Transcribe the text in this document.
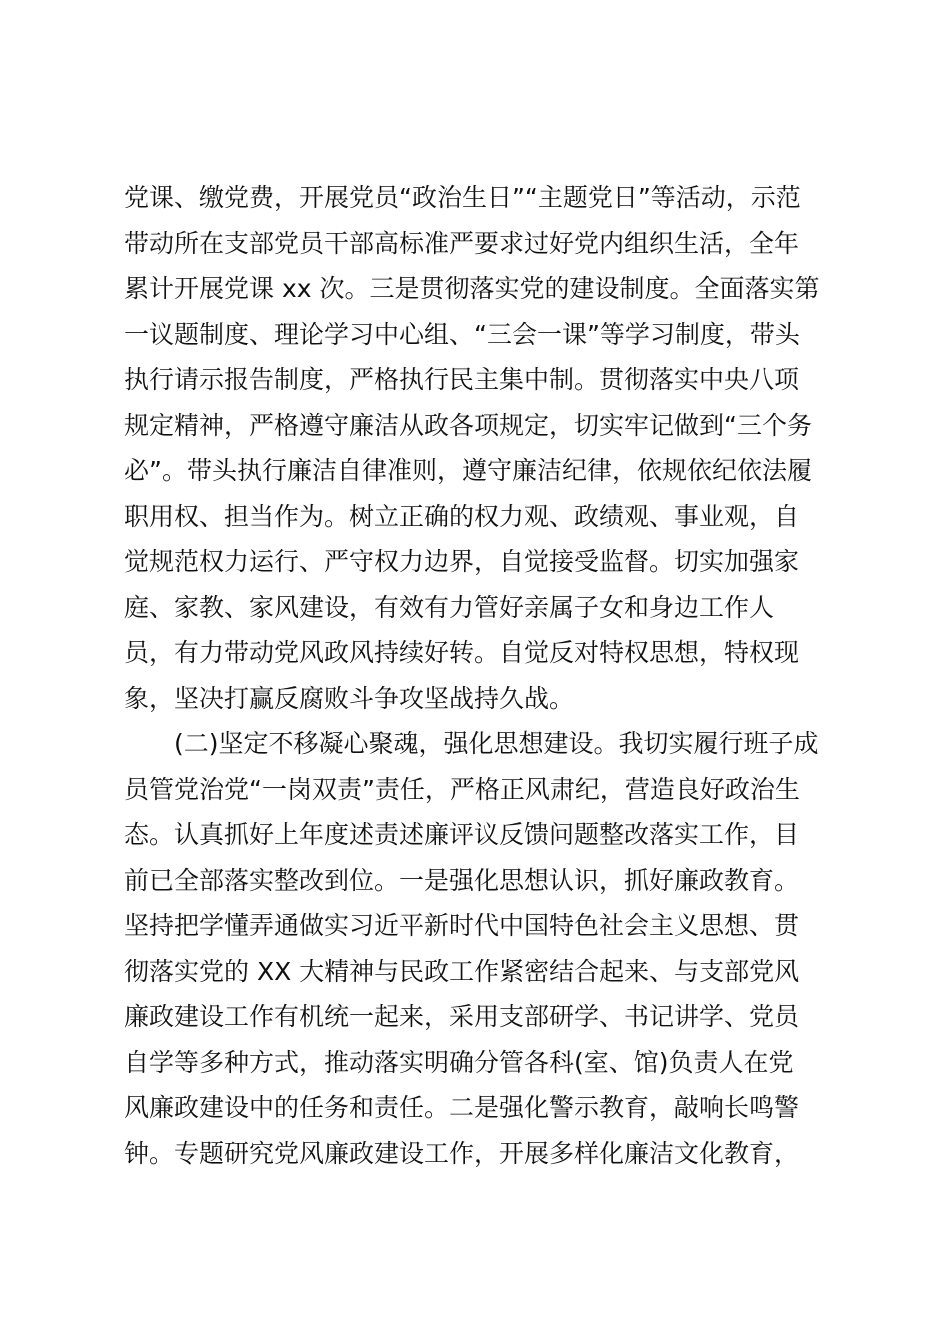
党课、缴党费，开展党员“政治生日”“主题党日”等活动，示范
带动所在支部党员干部高标准严要求过好党内组织生活，全年
累计开展党课 xx 次。三是贯彻落实党的建设制度。全面落实第
一议题制度、理论学习中心组、“三会一课”等学习制度，带头
执行请示报告制度，严格执行民主集中制。贯彻落实中央八项
规定精神，严格遵守廉洁从政各项规定，切实牢记做到“三个务
必”。带头执行廉洁自律准则，遵守廉洁纪律，依规依纪依法履
职用权、担当作为。树立正确的权力观、政绩观、事业观，自
觉规范权力运行、严守权力边界，自觉接受监督。切实加强家
庭、家教、家风建设，有效有力管好亲属子女和身边工作人
员，有力带动党风政风持续好转。自觉反对特权思想，特权现
象，坚决打赢反腐败斗争攻坚战持久战。
(二)坚定不移凝心聚魂，强化思想建设。我切实履行班子成
员管党治党“一岗双责”责任，严格正风肃纪，营造良好政治生
态。认真抓好上年度述责述廉评议反馈问题整改落实工作，目
前已全部落实整改到位。一是强化思想认识，抓好廉政教育。
坚持把学懂弄通做实习近平新时代中国特色社会主义思想、贯
彻落实党的 XX 大精神与民政工作紧密结合起来、与支部党风
廉政建设工作有机统一起来，采用支部研学、书记讲学、党员
自学等多种方式，推动落实明确分管各科(室、馆)负责人在党
风廉政建设中的任务和责任。二是强化警示教育，敲响长鸣警
钟。专题研究党风廉政建设工作，开展多样化廉洁文化教育，
